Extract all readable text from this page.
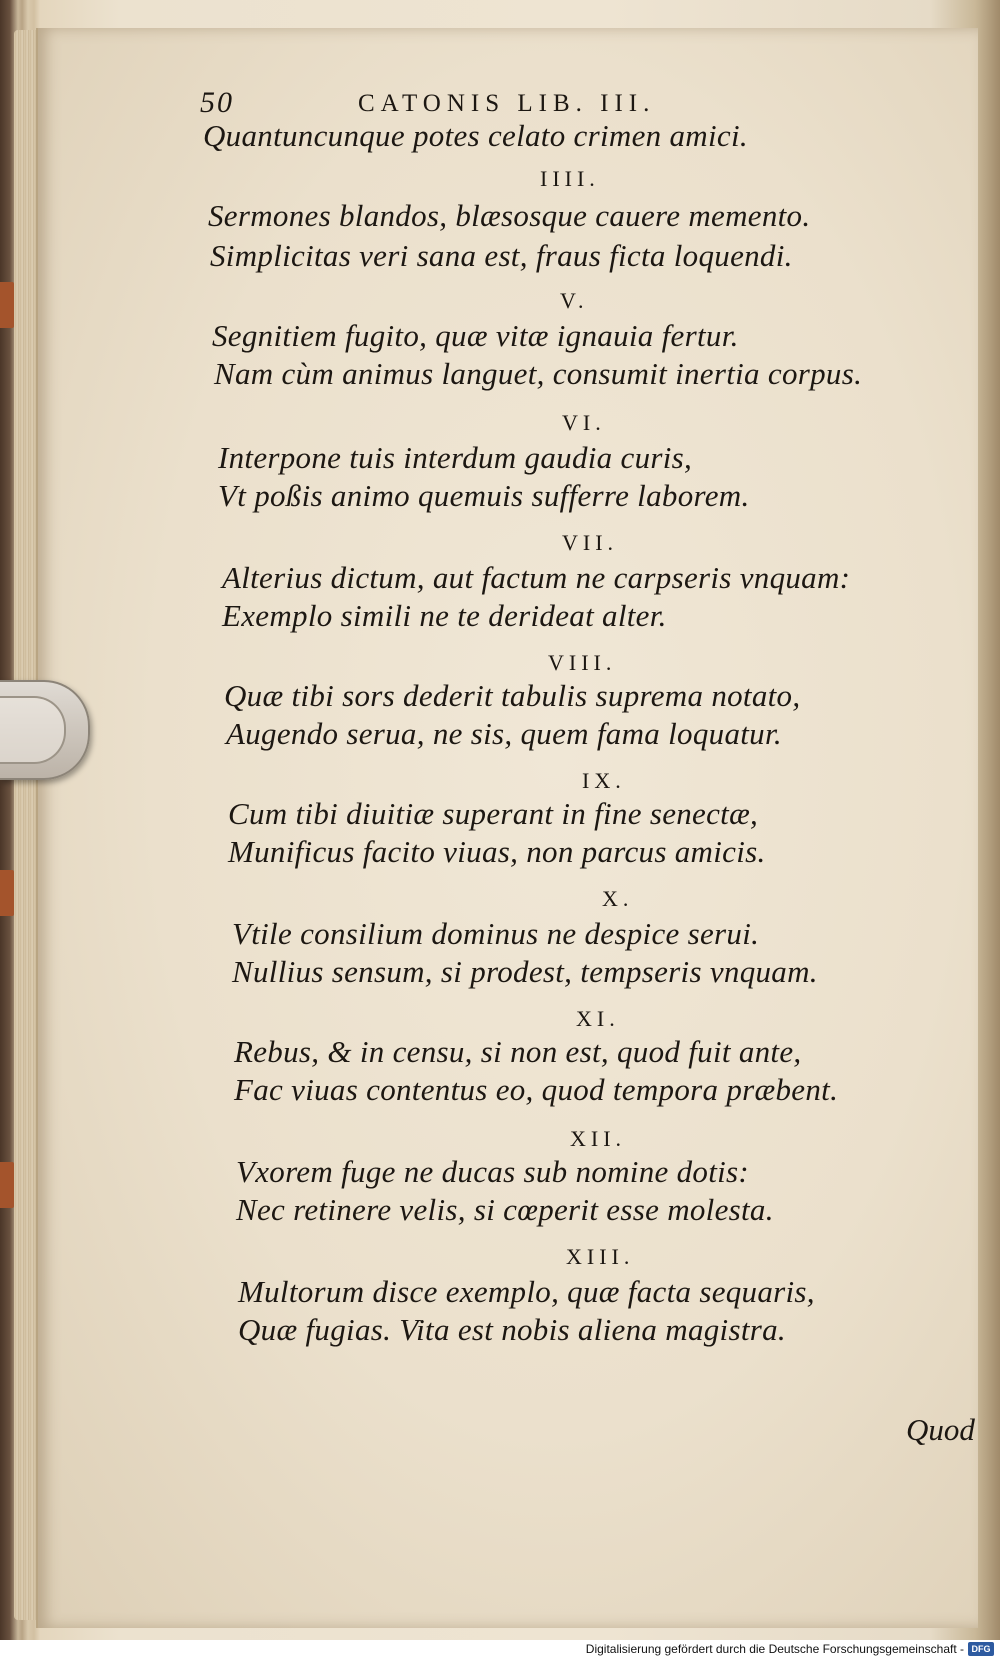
50	CATONIS LIB. III.
Quantuncunque potes celato crimen amici.
IIII.
Sermones blandos, blæsosque cauere memento.
Simplicitas veri sana est, fraus ficta loquendi.
V.
Segnitiem fugito, quæ vitæ ignauia fertur.
Nam cùm animus languet, consumit inertia corpus.
VI.
Interpone tuis interdum gaudia curis,
Vt poßis animo quemuis sufferre laborem.
VII.
Alterius dictum, aut factum ne carpseris vnquam:
Exemplo simili ne te derideat alter.
VIII.
Quæ tibi sors dederit tabulis suprema notato,
Augendo serua, ne sis, quem fama loquatur.
IX.
Cum tibi diuitiæ superant in fine senectæ,
Munificus facito viuas, non parcus amicis.
X.
Vtile consilium dominus ne despice serui.
Nullius sensum, si prodest, tempseris vnquam.
XI.
Rebus, & in censu, si non est, quod fuit ante,
Fac viuas contentus eo, quod tempora præbent.
XII.
Vxorem fuge ne ducas sub nomine dotis:
Nec retinere velis, si cœperit esse molesta.
XIII.
Multorum disce exemplo, quæ facta sequaris,
Quæ fugias. Vita est nobis aliena magistra.
Quod
Digitalisierung gefördert durch die Deutsche Forschungsgemeinschaft - DFG
